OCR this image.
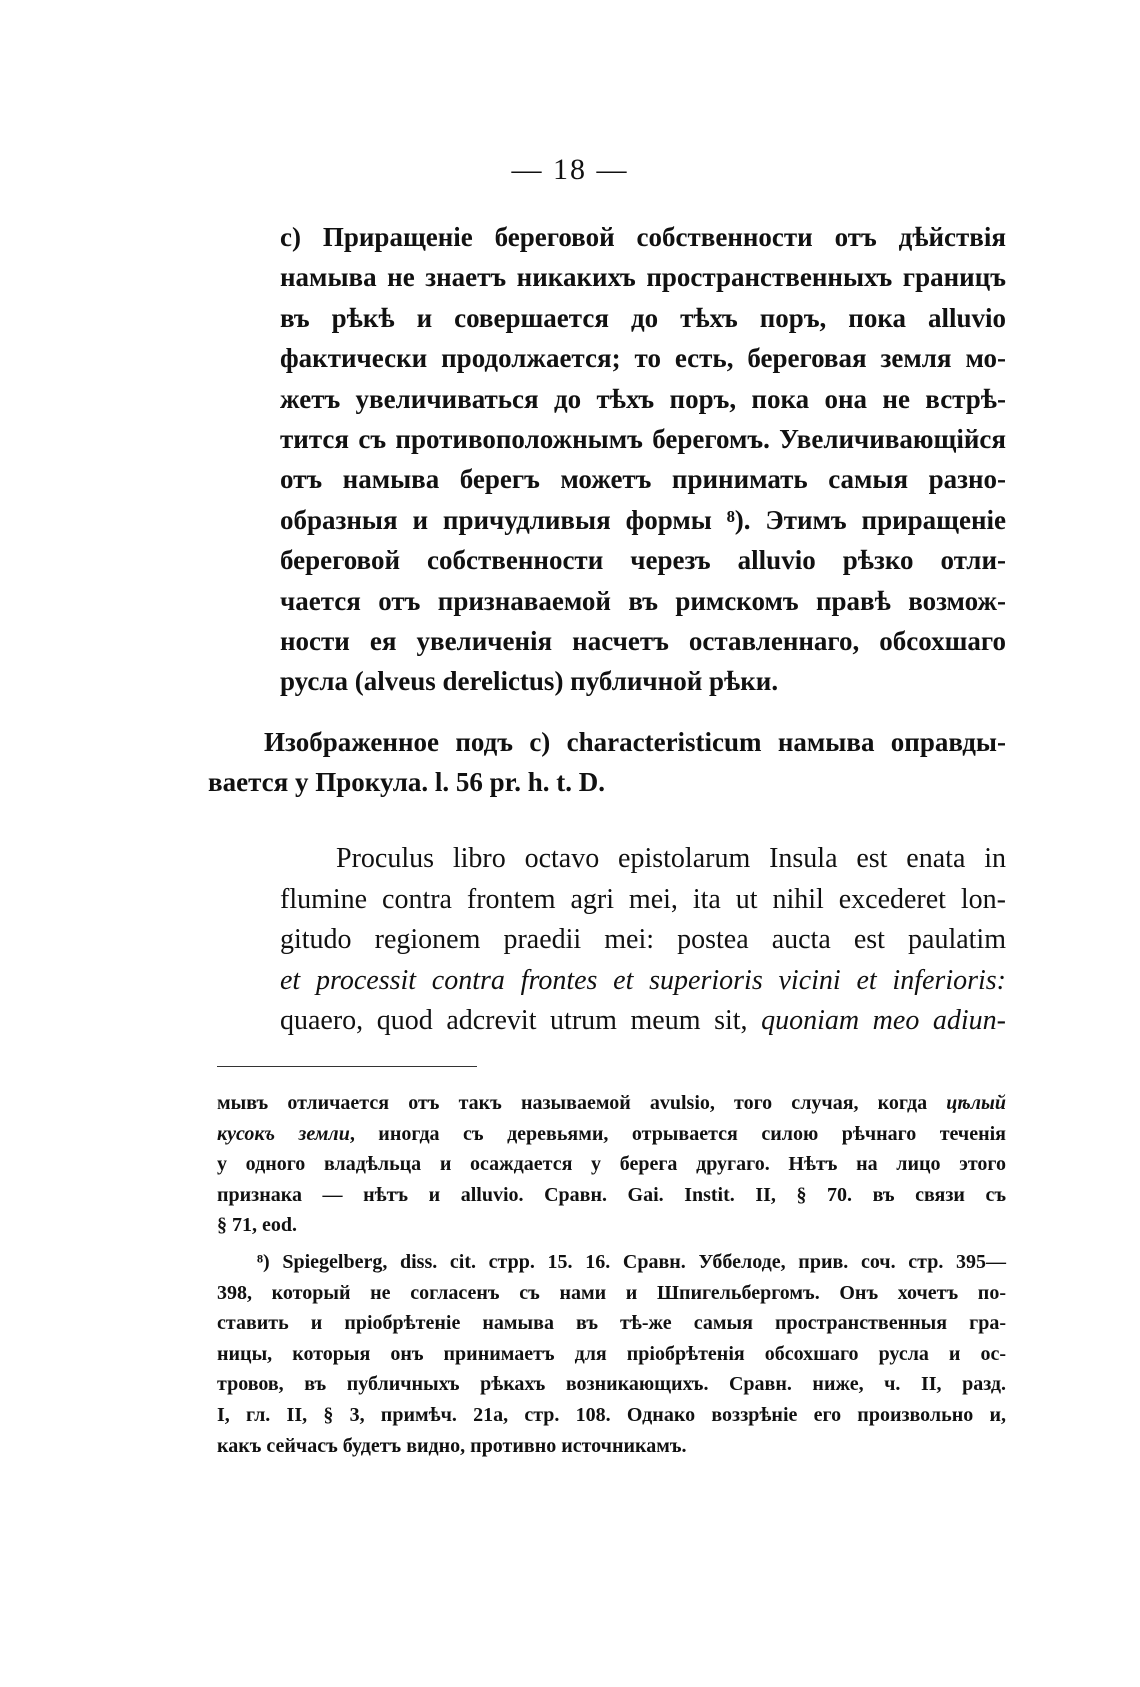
— 18 —
c) Приращеніе береговой собственности отъ дѣйствія
намыва не знаетъ никакихъ пространственныхъ границъ
въ рѣкѣ и совершается до тѣхъ поръ, пока alluvio
фактически продолжается; то есть, береговая земля мо-
жетъ увеличиваться до тѣхъ поръ, пока она не встрѣ-
тится съ противоположнымъ берегомъ. Увеличивающійся
отъ намыва берегъ можетъ принимать самыя разно-
образныя и причудливыя формы ⁸). Этимъ приращеніе
береговой собственности черезъ alluvio рѣзко отли-
чается отъ признаваемой въ римскомъ правѣ возмож-
ности ея увеличенія насчетъ оставленнаго, обсохшаго
русла (alveus derelictus) публичной рѣки.
Изображенное подъ c) characteristicum намыва оправды-
вается у Прокула. l. 56 pr. h. t. D.
Proculus libro octavo epistolarum Insula est enata in
flumine contra frontem agri mei, ita ut nihil excederet lon-
gitudo regionem praedii mei: postea aucta est paulatim
et processit contra frontes et superioris vicini et inferioris:
quaero, quod adcrevit utrum meum sit, quoniam meo adiun-
мывъ отличается отъ такъ называемой avulsio, того случая, когда цѣлый
кусокъ земли, иногда съ деревьями, отрывается силою рѣчнаго теченія
у одного владѣльца и осаждается у берега другаго. Нѣтъ на лицо этого
признака — нѣтъ и alluvio. Сравн. Gai. Instit. II, § 70. въ связи съ
§ 71, eod.
⁸) Spiegelberg, diss. cit. стрр. 15. 16. Сравн. Уббелоде, прив. соч. стр. 395—
398, который не согласенъ съ нами и Шпигельбергомъ. Онъ хочетъ по-
ставить и пріобрѣтеніе намыва въ тѣ-же самыя пространственныя гра-
ницы, которыя онъ принимаетъ для пріобрѣтенія обсохшаго русла и ос-
тровов, въ публичныхъ рѣкахъ возникающихъ. Сравн. ниже, ч. II, разд.
I, гл. II, § 3, примѣч. 21a, стр. 108. Однако воззрѣніе его произвольно и,
какъ сейчасъ будетъ видно, противно источникамъ.
